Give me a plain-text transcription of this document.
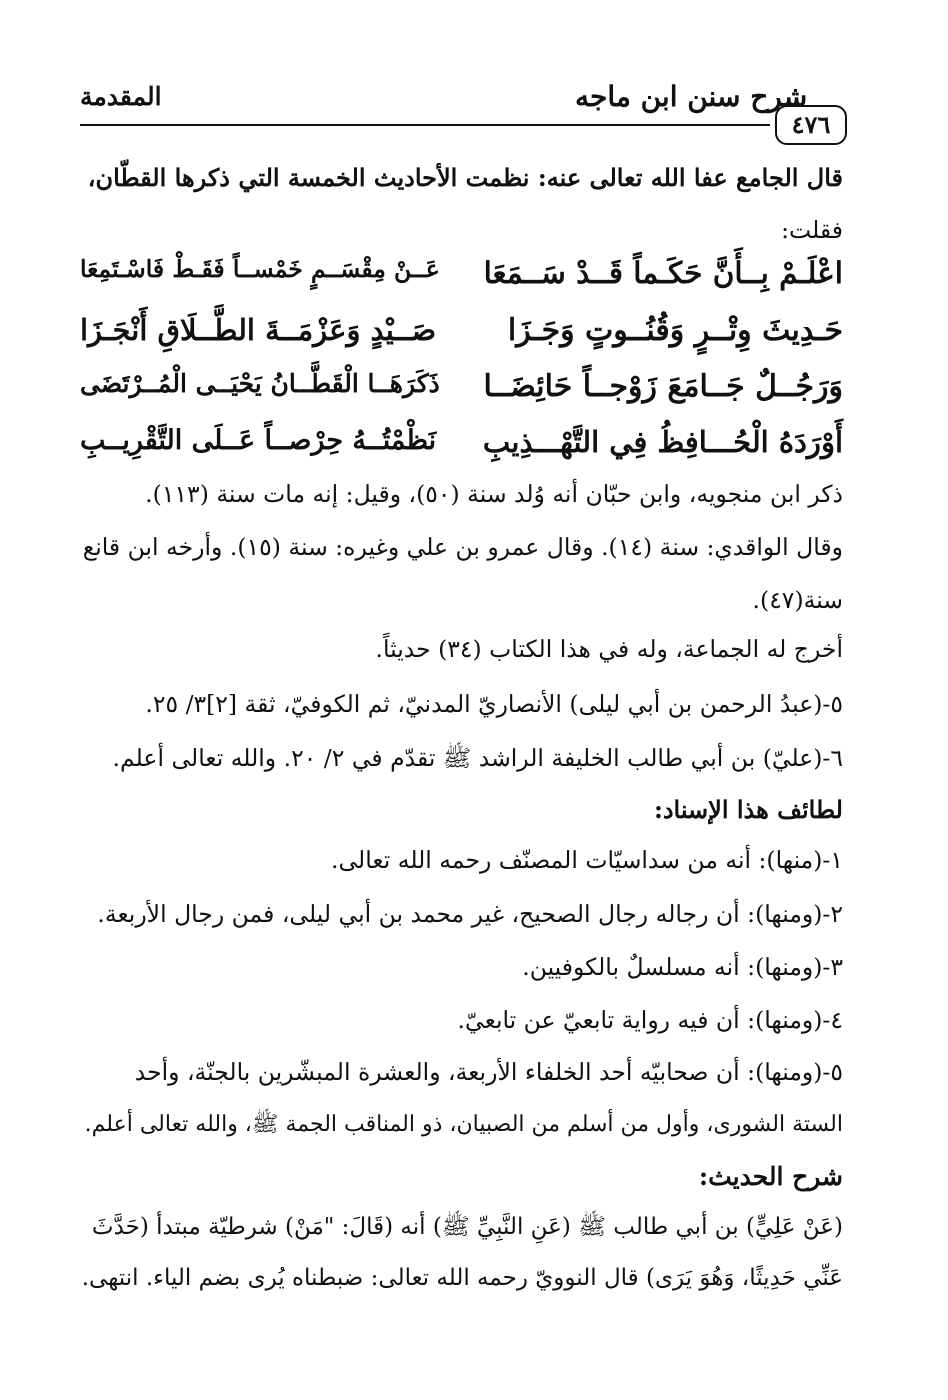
٤٧٦
شرح سنن ابن ماجه
المقدمة
قال الجامع عفا الله تعالى عنه: نظمت الأحاديث الخمسة التي ذكرها القطّان،
فقلت:
اعْلَـمْ بِــأَنَّ حَكَـماً قَــدْ سَــمَعَا
عَــنْ مِقْسَــمٍ خَمْســاً فَقَـطْ فَاسْـتَمِعَا
حَـدِيثَ وِتْــرٍ وَقُنُــوتٍ وَجَـزَا
صَــيْدٍ وَعَزْمَــةَ الطَّــلَاقِ أَنْجَـزَا
وَرَجُــلٌ جَــامَعَ زَوْجــاً حَائِضَــا
ذَكَرَهَــا الْقَطَّــانُ يَحْيَــى الْمُــرْتَضَى
أَوْرَدَهُ الْحُـــافِظُ فِي التَّهْـــذِيبِ
نَظْمْتُــهُ حِرْصــاً عَــلَى التَّقْرِيــبِ
ذكر ابن منجويه، وابن حبّان أنه وُلد سنة (٥٠)، وقيل: إنه مات سنة (١١٣).
وقال الواقدي: سنة (١٤). وقال عمرو بن علي وغيره: سنة (١٥). وأرخه ابن قانع
سنة(٤٧).
أخرج له الجماعة، وله في هذا الكتاب (٣٤) حديثاً.
٥-(عبدُ الرحمن بن أبي ليلى) الأنصاريّ المدنيّ، ثم الكوفيّ، ثقة [٢]٣/ ٢٥.
٦-(عليّ) بن أبي طالب الخليفة الراشد ﷺ تقدّم في ٢/ ٢٠. والله تعالى أعلم.
لطائف هذا الإسناد:
١-(منها): أنه من سداسيّات المصنّف رحمه الله تعالى.
٢-(ومنها): أن رجاله رجال الصحيح، غير محمد بن أبي ليلى، فمن رجال الأربعة.
٣-(ومنها): أنه مسلسلٌ بالكوفيين.
٤-(ومنها): أن فيه رواية تابعيّ عن تابعيّ.
٥-(ومنها): أن صحابيّه أحد الخلفاء الأربعة، والعشرة المبشّرين بالجنّة، وأحد
الستة الشورى، وأول من أسلم من الصبيان، ذو المناقب الجمة ﷺ، والله تعالى أعلم.
شرح الحديث:
(عَنْ عَلِيٍّ) بن أبي طالب ﷺ (عَنِ النَّبِيِّ ﷺ) أنه (قَالَ: "مَنْ) شرطيّة مبتدأ (حَدَّثَ
عَنِّي حَدِيثًا، وَهُوَ يَرَى) قال النوويّ رحمه الله تعالى: ضبطناه يُرى بضم الياء. انتهى.
